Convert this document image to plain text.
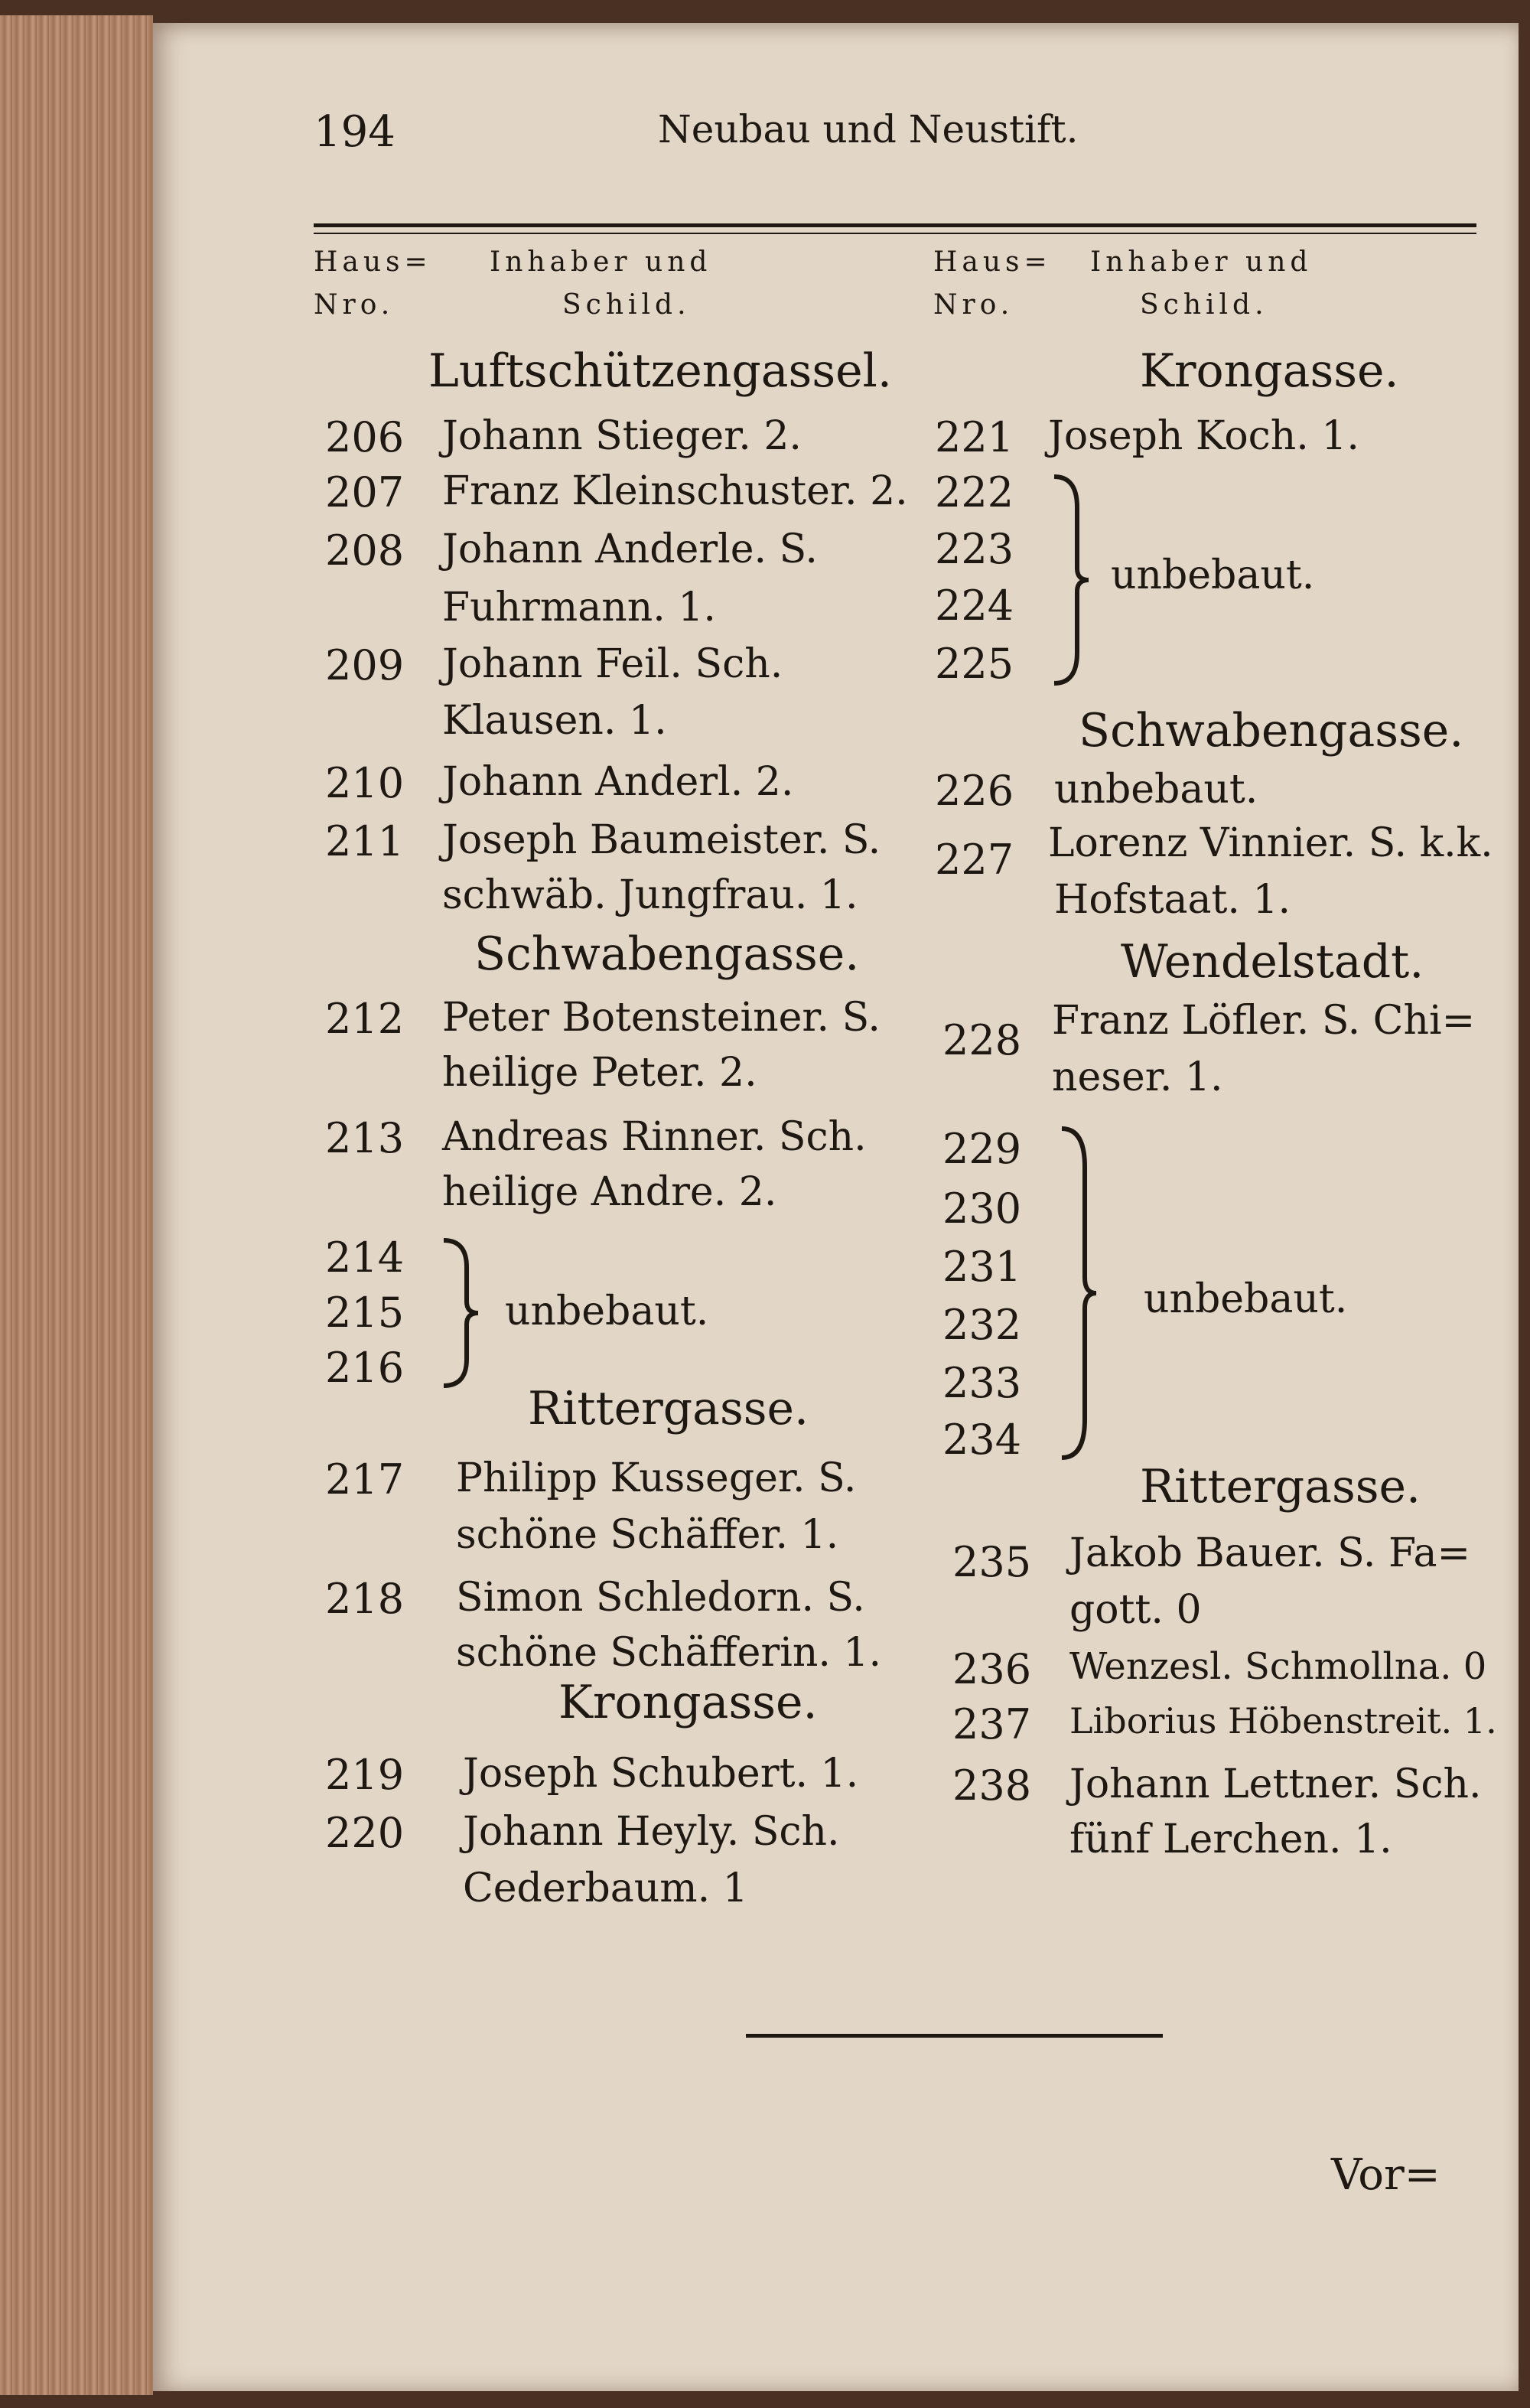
194	Neubau und Neustift.
Haus= Inhaber und
Nro.	Schild.
Haus= Inhaber und
Nro.	Schild.
Luftschützengassel.
206 Johann Stieger. 2.
207 Franz Kleinschuster. 2.
208 Johann Anderle. S.
Fuhrmann. 1.
209 Johann Feil. Sch.
Klausen. 1.
210 Johann Anderl. 2.
211 Joseph Baumeister. S.
schwäb. Jungfrau. 1.
Schwabengasse.
212 Peter Botensteiner. S.
heilige Peter. 2.
213 Andreas Rinner. Sch.
heilige Andre. 2.
214
215
216
unbebaut.
Rittergasse.
217 Philipp Kusseger. S.
schöne Schäffer. 1.
218 Simon Schledorn. S.
schöne Schäfferin. 1.
Krongasse.
219 Joseph Schubert. 1.
220 Johann Heyly. Sch.
Cederbaum. 1
Krongasse.
221 Joseph Koch. 1.
222
223
224
225
unbebaut.
Schwabengasse.
226 unbebaut.
227 Lorenz Vinnier. S. k.k.
Hofstaat. 1.
Wendelstadt.
228 Franz Löfler. S. Chi=
neser. 1.
229
230
231
232
233
234
unbebaut.
Rittergasse.
235 Jakob Bauer. S. Fa=
gott. 0
236 Wenzesl. Schmollna. 0
237 Liborius Höbenstreit. 1.
238 Johann Lettner. Sch.
fünf Lerchen. 1.
Vor=
